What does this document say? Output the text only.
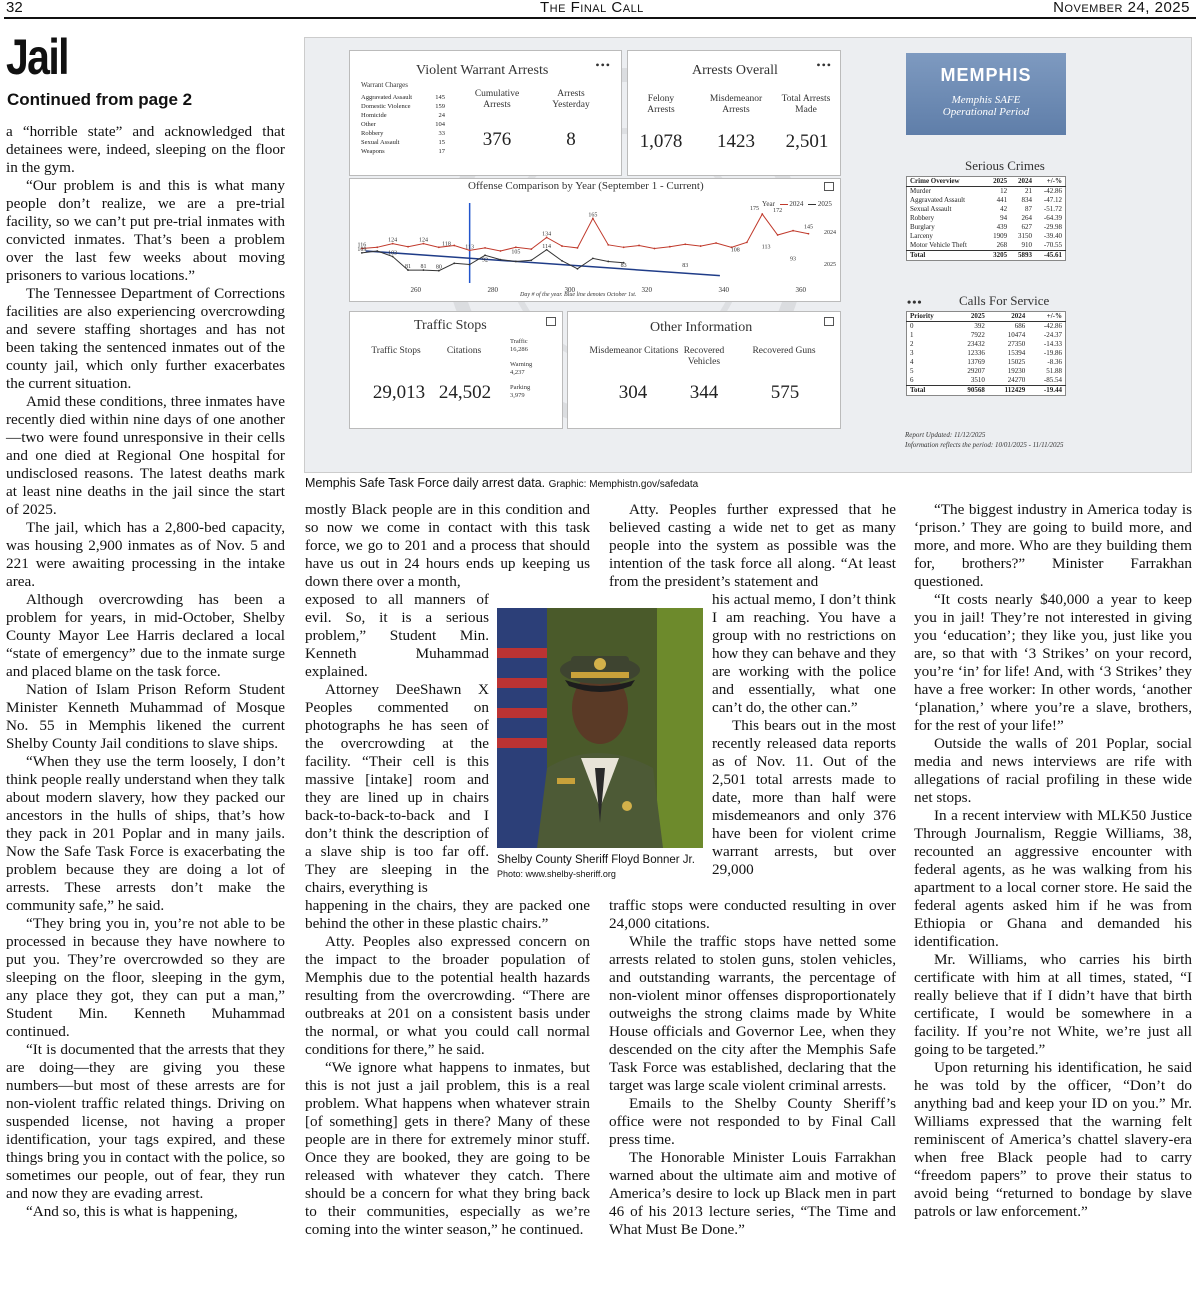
32	The Final Call	November 24, 2025
Jail
Continued from page 2

a “horrible state” and acknowledged that detainees were, indeed, sleeping on the floor in the gym.

“Our problem is and this is what many people don’t realize, we are a pre-trial facility, so we can’t put pre-trial inmates with convicted inmates. That’s been a problem over the last few weeks about moving prisoners to various locations.”

The Tennessee Department of Corrections facilities are also experiencing overcrowding and severe staffing shortages and has not been taking the sentenced inmates out of the county jail, which only further exacerbates the current situation.

Amid these conditions, three inmates have recently died within nine days of one another—two were found unresponsive in their cells and one died at Regional One hospital for undisclosed reasons. The latest deaths mark at least nine deaths in the jail since the start of 2025.

The jail, which has a 2,800-bed capacity, was housing 2,900 inmates as of Nov. 5 and 221 were awaiting processing in the intake area.

Although overcrowding has been a problem for years, in mid-October, Shelby County Mayor Lee Harris declared a local “state of emergency” due to the inmate surge and placed blame on the task force.

Nation of Islam Prison Reform Student Minister Kenneth Muhammad of Mosque No. 55 in Memphis likened the current Shelby County Jail conditions to slave ships.

“When they use the term loosely, I don’t think people really understand when they talk about modern slavery, how they packed our ancestors in the hulls of ships, that’s how they pack in 201 Poplar and in many jails. Now the Safe Task Force is exacerbating the problem because they are doing a lot of arrests. These arrests don’t make the community safe,” he said.

“They bring you in, you’re not able to be processed in because they have nowhere to put you. They’re overcrowded so they are sleeping on the floor, sleeping in the gym, any place they got, they can put a man,” Student Min. Kenneth Muhammad continued.

“It is documented that the arrests that they are doing—they are giving you these numbers—but most of these arrests are for non-violent traffic related things. Driving on suspended license, not having a proper identification, your tags expired, and these things bring you in contact with the police, so sometimes our people, out of fear, they run and now they are evading arrest.

“And so, this is what is happening,

Violent Warrant Arrests	•••
Warrant Charges
Aggravated Assault	145
Domestic Violence	159
Homicide	24
Other	104
Robbery	33
Sexual Assault	15
Weapons	17
Cumulative Arrests
376
Arrests Yesterday
8
Arrests Overall	•••
Felony Arrests
1,078
Misdemeanor Arrests
1423
Total Arrests Made
2,501
MEMPHIS
Memphis SAFE
Operational Period
Offense Comparison by Year (September 1 - Current)
Year 2024 2025
260	280	300	320	340	360
109
103
81 81 80
92
105
114
83
116
124	124
118
113
134
165
83
108
175
113
172
93
145
2024
2025
Day # of the year. Blue line denotes October 1st.
Traffic Stops
Traffic Stops
29,013
Citations
24,502
Traffic
16,286
Warning
4,237
Parking
3,979
Other Information
Misdemeanor Citations
304
Recovered Vehicles
344
Recovered Guns
575
Serious Crimes
Crime Overview	2025	2024	+/-%
Murder	12	21	-42.86
Aggravated Assault	441	834	-47.12
Sexual Assault	42	87	-51.72
Robbery	94	264	-64.39
Burglary	439	627	-29.98
Larceny	1909	3150	-39.40
Motor Vehicle Theft	268	910	-70.55
Total	3205	5893	-45.61
•••	Calls For Service
Priority	2025	2024	+/-%
0	392	686	-42.86
1	7922	10474	-24.37
2	23432	27350	-14.33
3	12336	15394	-19.86
4	13769	15025	-8.36
5	29207	19230	51.88
6	3510	24270	-85.54
Total	90568	112429	-19.44
Report Updated: 11/12/2025
Information reflects the period: 10/01/2025 - 11/11/2025
Memphis Safe Task Force daily arrest data. Graphic: Memphistn.gov/safedata

mostly Black people are in this condition and so now we come in contact with this task force, we go to 201 and a process that should have us out in 24 hours ends up keeping us down there over a month,

exposed to all manners of evil. So, it is a serious problem,” Student Min. Kenneth Muhammad explained.

Attorney DeeShawn X Peoples commented on photographs he has seen of the overcrowding at the facility. “Their cell is this massive [intake] room and they are lined up in chairs back-to-back-to-back and I don’t think the description of a slave ship is too far off. They are sleeping in the chairs, everything is

happening in the chairs, they are packed one behind the other in these plastic chairs.”

Atty. Peoples also expressed concern on the impact to the broader population of Memphis due to the potential health hazards resulting from the overcrowding. “There are outbreaks at 201 on a consistent basis under the normal, or what you could call normal conditions for there,” he said.

“We ignore what happens to inmates, but this is not just a jail problem, this is a real problem. What happens when whatever strain [of something] gets in there? Many of these people are in there for extremely minor stuff. Once they are booked, they are going to be released with whatever they catch. There should be a concern for what they bring back to their communities, especially as we’re coming into the winter season,” he continued.

Shelby County Sheriff Floyd Bonner Jr. Photo: www.shelby-sheriff.org

Atty. Peoples further expressed that he believed casting a wide net to get as many people into the system as possible was the intention of the task force all along. “At least from the president’s statement and

his actual memo, I don’t think I am reaching. You have a group with no restrictions on how they can behave and they are working with the police and essentially, what one can’t do, the other can.”

This bears out in the most recently released data reports as of Nov. 11. Out of the 2,501 total arrests made to date, more than half were misdemeanors and only 376 have been for violent crime warrant arrests, but over 29,000

traffic stops were conducted resulting in over 24,000 citations.

While the traffic stops have netted some arrests related to stolen guns, stolen vehicles, and outstanding warrants, the percentage of non-violent minor offenses disproportionately outweighs the strong claims made by White House officials and Governor Lee, when they descended on the city after the Memphis Safe Task Force was established, declaring that the target was large scale violent criminal arrests.

Emails to the Shelby County Sheriff’s office were not responded to by Final Call press time.

The Honorable Minister Louis Farrakhan warned about the ultimate aim and motive of America’s desire to lock up Black men in part 46 of his 2013 lecture series, “The Time and What Must Be Done.”

“The biggest industry in America today is ‘prison.’ They are going to build more, and more, and more. Who are they building them for, brothers?” Minister Farrakhan questioned.

“It costs nearly $40,000 a year to keep you in jail! They’re not interested in giving you ‘education’; they like you, just like you are, so that with ‘3 Strikes’ on your record, you’re ‘in’ for life! And, with ‘3 Strikes’ they have a free worker: In other words, ‘another ‘planation,’ where you’re a slave, brothers, for the rest of your life!”

Outside the walls of 201 Poplar, social media and news interviews are rife with allegations of racial profiling in these wide net stops.

In a recent interview with MLK50 Justice Through Journalism, Reggie Williams, 38, recounted an aggressive encounter with federal agents, as he was walking from his apartment to a local corner store. He said the federal agents asked him if he was from Ethiopia or Ghana and demanded his identification.

Mr. Williams, who carries his birth certificate with him at all times, stated, “I really believe that if I didn’t have that birth certificate, I would be somewhere in a facility. If you’re not White, we’re just all going to be targeted.”

Upon returning his identification, he said he was told by the officer, “Don’t do anything bad and keep your ID on you.” Mr. Williams expressed that the warning felt reminiscent of America’s chattel slavery-era when free Black people had to carry “freedom papers” to prove their status to avoid being “returned to bondage by slave patrols or law enforcement.”
